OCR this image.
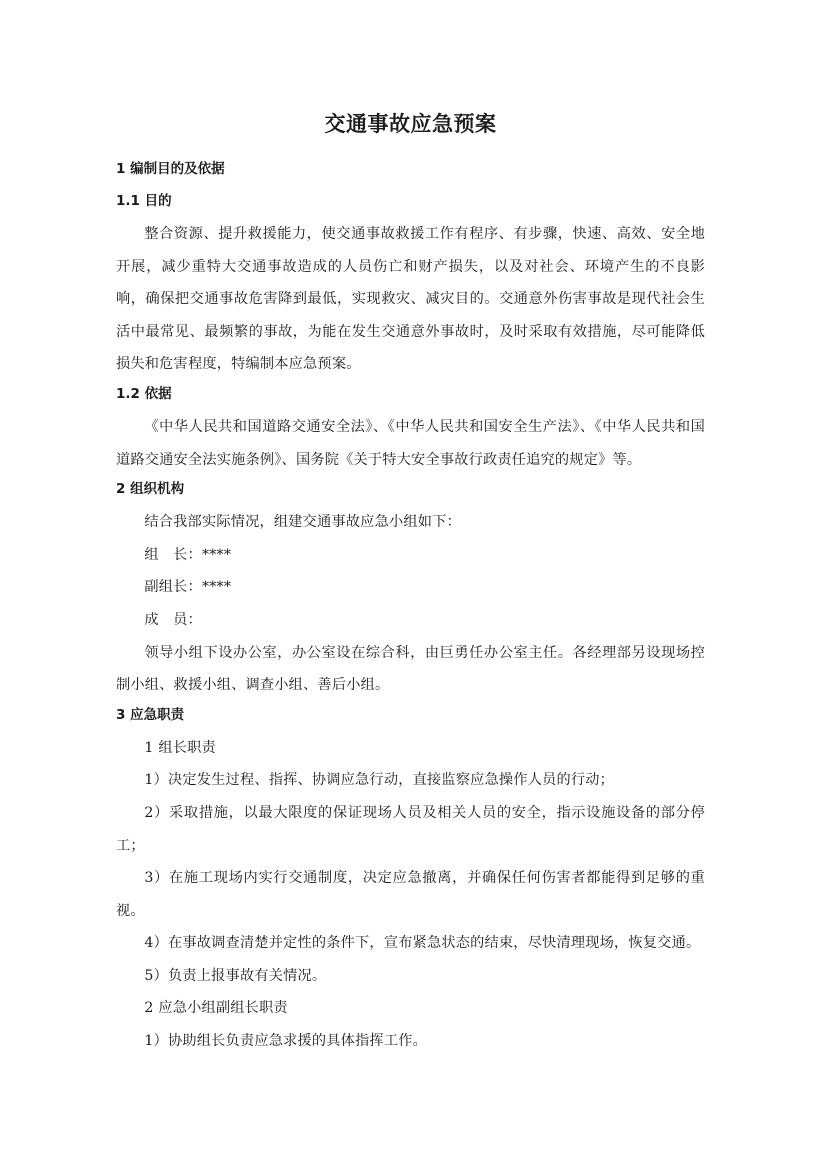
交通事故应急预案
1 编制目的及依据
1.1 目的

整合资源、提升救援能力，使交通事故救援工作有程序、有步骤，快速、高效、安全地开展，减少重特大交通事故造成的人员伤亡和财产损失，以及对社会、环境产生的不良影响，确保把交通事故危害降到最低，实现救灾、减灾目的。交通意外伤害事故是现代社会生活中最常见、最频繁的事故，为能在发生交通意外事故时，及时采取有效措施，尽可能降低损失和危害程度，特编制本应急预案。

1.2 依据

《中华人民共和国道路交通安全法》、《中华人民共和国安全生产法》、《中华人民共和国道路交通安全法实施条例》、国务院《关于特大安全事故行政责任追究的规定》等。

2 组织机构

结合我部实际情况，组建交通事故应急小组如下：

组　长：****

副组长：****

成　员：

领导小组下设办公室，办公室设在综合科，由巨勇任办公室主任。各经理部另设现场控制小组、救援小组、调查小组、善后小组。

3 应急职责

1 组长职责

1）决定发生过程、指挥、协调应急行动，直接监察应急操作人员的行动；

2）采取措施，以最大限度的保证现场人员及相关人员的安全，指示设施设备的部分停工；

3）在施工现场内实行交通制度，决定应急撤离，并确保任何伤害者都能得到足够的重视。

4）在事故调查清楚并定性的条件下，宣布紧急状态的结束，尽快清理现场，恢复交通。

5）负责上报事故有关情况。

2 应急小组副组长职责

1）协助组长负责应急求援的具体指挥工作。
